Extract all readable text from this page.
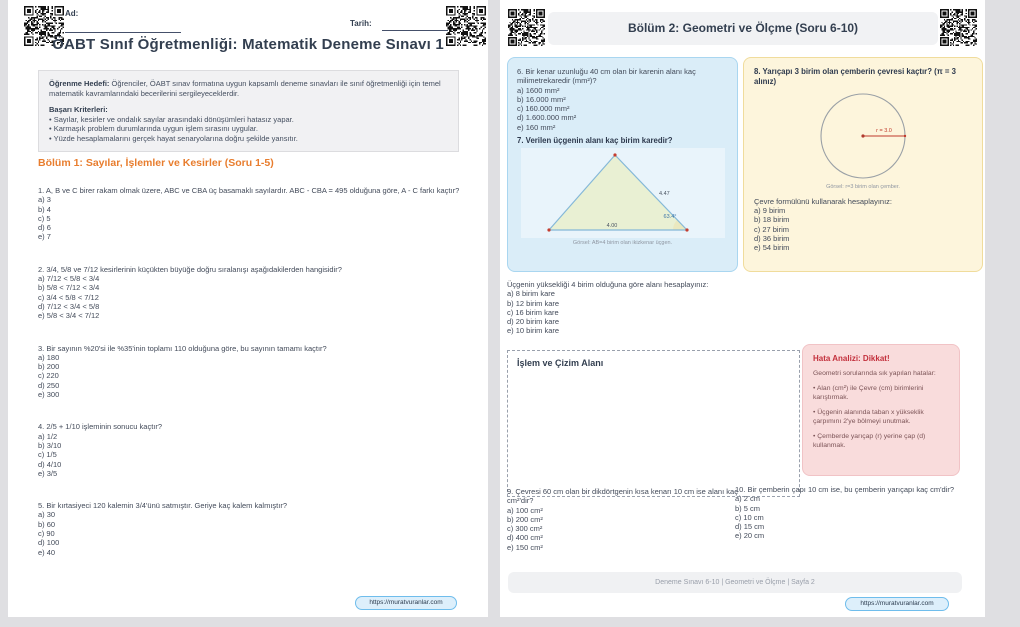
Ad:
Tarih:
ÖABT Sınıf Öğretmenliği: Matematik Deneme Sınavı 1
Öğrenme Hedefi: Öğrenciler, ÖABT sınav formatına uygun kapsamlı deneme sınavları ile sınıf öğretmenliği için temel matematik kavramlarındaki becerilerini sergileyeceklerdir.
Başarı Kriterleri:
• Sayılar, kesirler ve ondalık sayılar arasındaki dönüşümleri hatasız yapar.
• Karmaşık problem durumlarında uygun işlem sırasını uygular.
• Yüzde hesaplamalarını gerçek hayat senaryolarına doğru şekilde yansıtır.
Bölüm 1: Sayılar, İşlemler ve Kesirler (Soru 1-5)
1. A, B ve C birer rakam olmak üzere, ABC ve CBA üç basamaklı sayılardır. ABC - CBA = 495 olduğuna göre, A - C farkı kaçtır?
a) 3
b) 4
c) 5
d) 6
e) 7
2. 3/4, 5/8 ve 7/12 kesirlerinin küçükten büyüğe doğru sıralanışı aşağıdakilerden hangisidir?
a) 7/12 < 5/8 < 3/4
b) 5/8 < 7/12 < 3/4
c) 3/4 < 5/8 < 7/12
d) 7/12 < 3/4 < 5/8
e) 5/8 < 3/4 < 7/12
3. Bir sayının %20'si ile %35'inin toplamı 110 olduğuna göre, bu sayının tamamı kaçtır?
a) 180
b) 200
c) 220
d) 250
e) 300
4. 2/5 + 1/10 işleminin sonucu kaçtır?
a) 1/2
b) 3/10
c) 1/5
d) 4/10
e) 3/5
5. Bir kırtasiyeci 120 kalemin 3/4'ünü satmıştır. Geriye kaç kalem kalmıştır?
a) 30
b) 60
c) 90
d) 100
e) 40
https://muratvuranlar.com
Bölüm 2: Geometri ve Ölçme (Soru 6-10)
6. Bir kenar uzunluğu 40 cm olan bir karenin alanı kaç milimetrekaredir (mm²)?
a) 1600 mm²
b) 16.000 mm²
c) 160.000 mm²
d) 1.600.000 mm²
e) 160 mm²
7. Verilen üçgenin alanı kaç birim karedir?
4.47
4.00
63.4°
Görsel: AB=4 birim olan ikizkenar üçgen.
Üçgenin yüksekliği 4 birim olduğuna göre alanı hesaplayınız:
a) 8 birim kare
b) 12 birim kare
c) 16 birim kare
d) 20 birim kare
e) 10 birim kare
8. Yarıçapı 3 birim olan çemberin çevresi kaçtır? (π = 3 alınız)
r = 3.0
Görsel: r=3 birim olan çember.
Çevre formülünü kullanarak hesaplayınız:
a) 9 birim
b) 18 birim
c) 27 birim
d) 36 birim
e) 54 birim
İşlem ve Çizim Alanı	Hata Analizi: Dikkat!

Geometri sorularında sık yapılan hatalar:

• Alan (cm²) ile Çevre (cm) birimlerini karıştırmak.

• Üçgenin alanında taban x yükseklik çarpımını 2'ye bölmeyi unutmak.

• Çemberde yarıçap (r) yerine çap (d) kullanmak.

9. Çevresi 60 cm olan bir dikdörtgenin kısa kenarı 10 cm ise alanı kaç cm²'dir?
a) 100 cm²
b) 200 cm²
c) 300 cm²
d) 400 cm²
e) 150 cm²
10. Bir çemberin çapı 10 cm ise, bu çemberin yarıçapı kaç cm'dir?
a) 2 cm
b) 5 cm
c) 10 cm
d) 15 cm
e) 20 cm
Deneme Sınavı 6-10 | Geometri ve Ölçme | Sayfa 2
https://muratvuranlar.com
